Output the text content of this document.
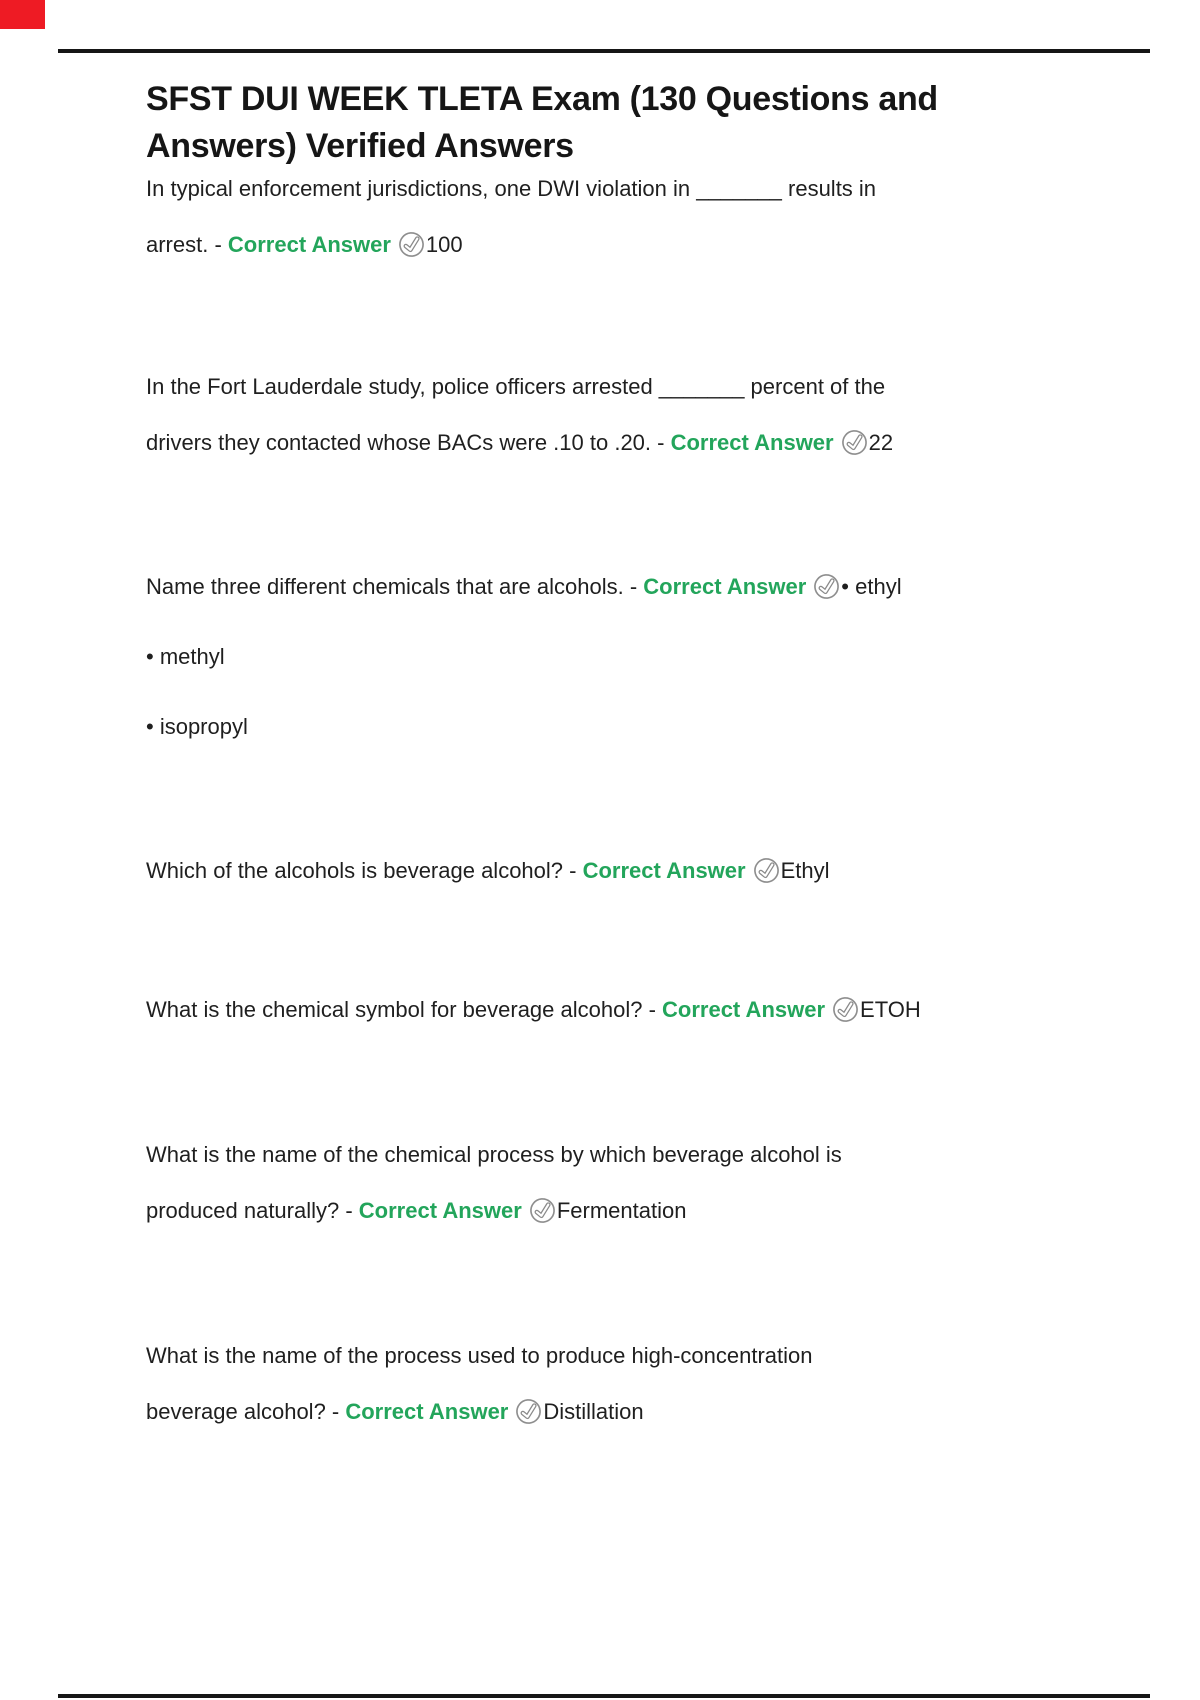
SFST DUI WEEK TLETA Exam (130 Questions and
Answers) Verified Answers
In typical enforcement jurisdictions, one DWI violation in _______ results in
arrest. - Correct Answer 100
In the Fort Lauderdale study, police officers arrested _______ percent of the
drivers they contacted whose BACs were .10 to .20. - Correct Answer 22
Name three different chemicals that are alcohols. - Correct Answer • ethyl
• methyl
• isopropyl
Which of the alcohols is beverage alcohol? - Correct Answer Ethyl
What is the chemical symbol for beverage alcohol? - Correct Answer ETOH
What is the name of the chemical process by which beverage alcohol is
produced naturally? - Correct Answer Fermentation
What is the name of the process used to produce high-concentration
beverage alcohol? - Correct Answer Distillation
